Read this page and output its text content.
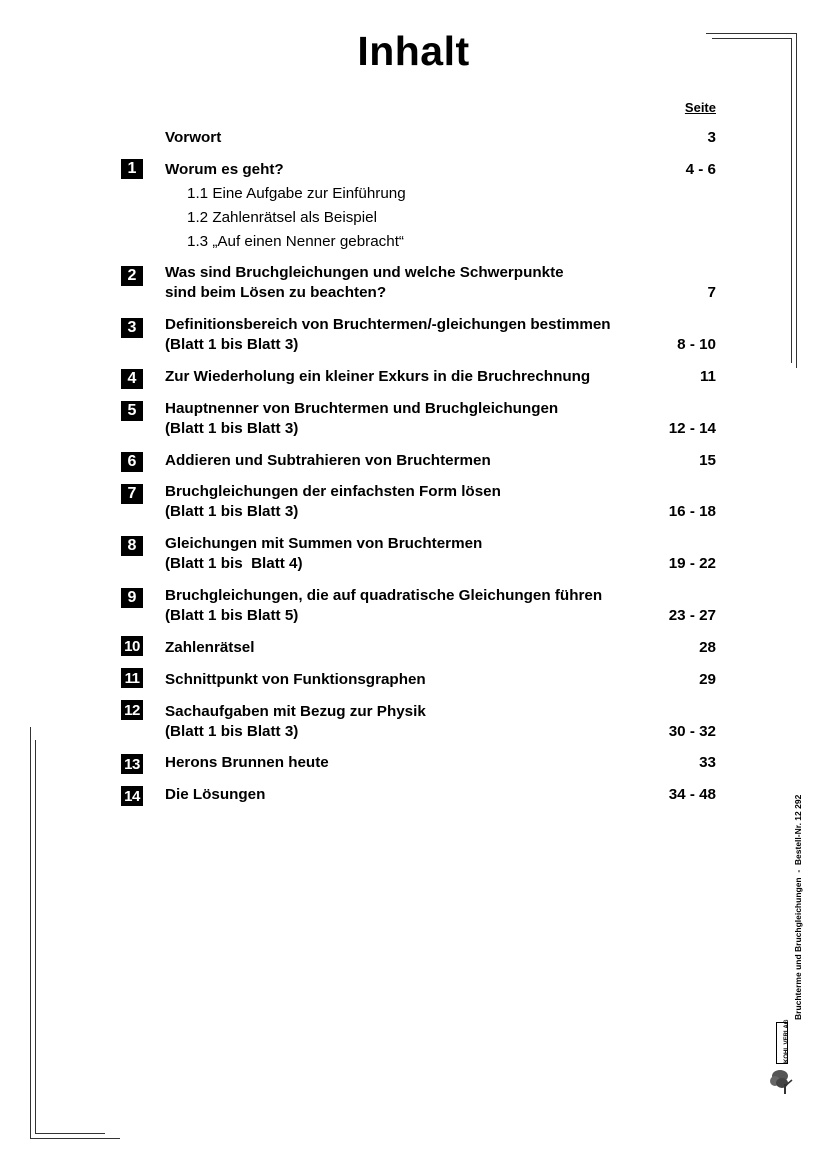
Inhalt
Seite
Vorwort	3
1	Worum es geht?	4 - 6
1.1 Eine Aufgabe zur Einführung
1.2 Zahlenrätsel als Beispiel
1.3 „Auf einen Nenner gebracht“
2	Was sind Bruchgleichungen und welche Schwerpunkte
sind beim Lösen zu beachten?	7
3	Definitionsbereich von Bruchtermen/-gleichungen bestimmen
(Blatt 1 bis Blatt 3)	8 - 10
4	Zur Wiederholung ein kleiner Exkurs in die Bruchrechnung	11
5	Hauptnenner von Bruchtermen und Bruchgleichungen
(Blatt 1 bis Blatt 3)	12 - 14
6	Addieren und Subtrahieren von Bruchtermen	15
7	Bruchgleichungen der einfachsten Form lösen
(Blatt 1 bis Blatt 3)	16 - 18
8	Gleichungen mit Summen von Bruchtermen
(Blatt 1 bis  Blatt 4)	19 - 22
9	Bruchgleichungen, die auf quadratische Gleichungen führen
(Blatt 1 bis Blatt 5)	23 - 27
10 Zahlenrätsel	28
11 Schnittpunkt von Funktionsgraphen	29
12 Sachaufgaben mit Bezug zur Physik
(Blatt 1 bis Blatt 3)	30 - 32
13 Herons Brunnen heute	33
14 Die Lösungen	34 - 48
Bruchterme und Bruchgleichungen  -  Bestell-Nr. 12 292
KOHL VERLAG
